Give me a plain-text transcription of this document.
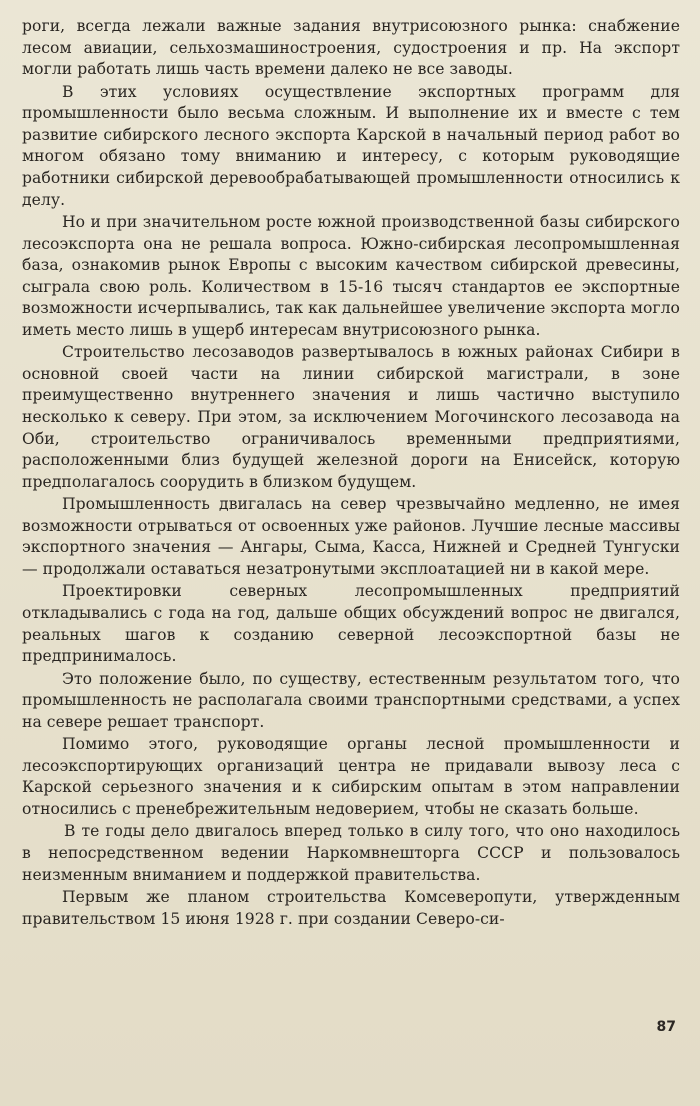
роги, всегда лежали важные задания внутрисоюзного рынка: снабжение лесом авиации, сельхозмашиностроения, судостроения и пр. На экспорт могли работать лишь часть времени далеко не все заводы.

В этих условиях осуществление экспортных программ для промышленности было весьма сложным. И выполнение их и вместе с тем развитие сибирского лесного экспорта Карской в начальный период работ во многом обязано тому вниманию и интересу, с которым руководящие работники сибирской деревообрабатывающей промышленности относились к делу.

Но и при значительном росте южной производственной базы сибирского лесоэкспорта она не решала вопроса. Южно-сибирская лесопромышленная база, ознакомив рынок Европы с высоким качеством сибирской древесины, сыграла свою роль. Количеством в 15-16 тысяч стандартов ее экспортные возможности исчерпывались, так как дальнейшее увеличение экспорта могло иметь место лишь в ущерб интересам внутрисоюзного рынка.

Строительство лесозаводов развертывалось в южных районах Сибири в основной своей части на линии сибирской магистрали, в зоне преимущественно внутреннего значения и лишь частично выступило несколько к северу. При этом, за исключением Могочинского лесозавода на Оби, строительство ограничивалось временными предприятиями, расположенными близ будущей железной дороги на Енисейск, которую предполагалось соорудить в близком будущем.

Промышленность двигалась на север чрезвычайно медленно, не имея возможности отрываться от освоенных уже районов. Лучшие лесные массивы экспортного значения — Ангары, Сыма, Касса, Нижней и Средней Тунгуски — продолжали оставаться незатронутыми эксплоатацией ни в какой мере.

Проектировки северных лесопромышленных предприятий откладывались с года на год, дальше общих обсуждений вопрос не двигался, реальных шагов к созданию северной лесоэкспортной базы не предпринималось.

Это положение было, по существу, естественным результатом того, что промышленность не располагала своими транспортными средствами, а успех на севере решает транспорт.

Помимо этого, руководящие органы лесной промышленности и лесоэкспортирующих организаций центра не придавали вывозу леса с Карской серьезного значения и к сибирским опытам в этом направлении относились с пренебрежительным недоверием, чтобы не сказать больше.

В те годы дело двигалось вперед только в силу того, что оно находилось в непосредственном ведении Наркомвнешторга СССР и пользовалось неизменным вниманием и поддержкой правительства.

Первым же планом строительства Комсеверопути, утвержденным правительством 15 июня 1928 г. при создании Северо-си-

87
